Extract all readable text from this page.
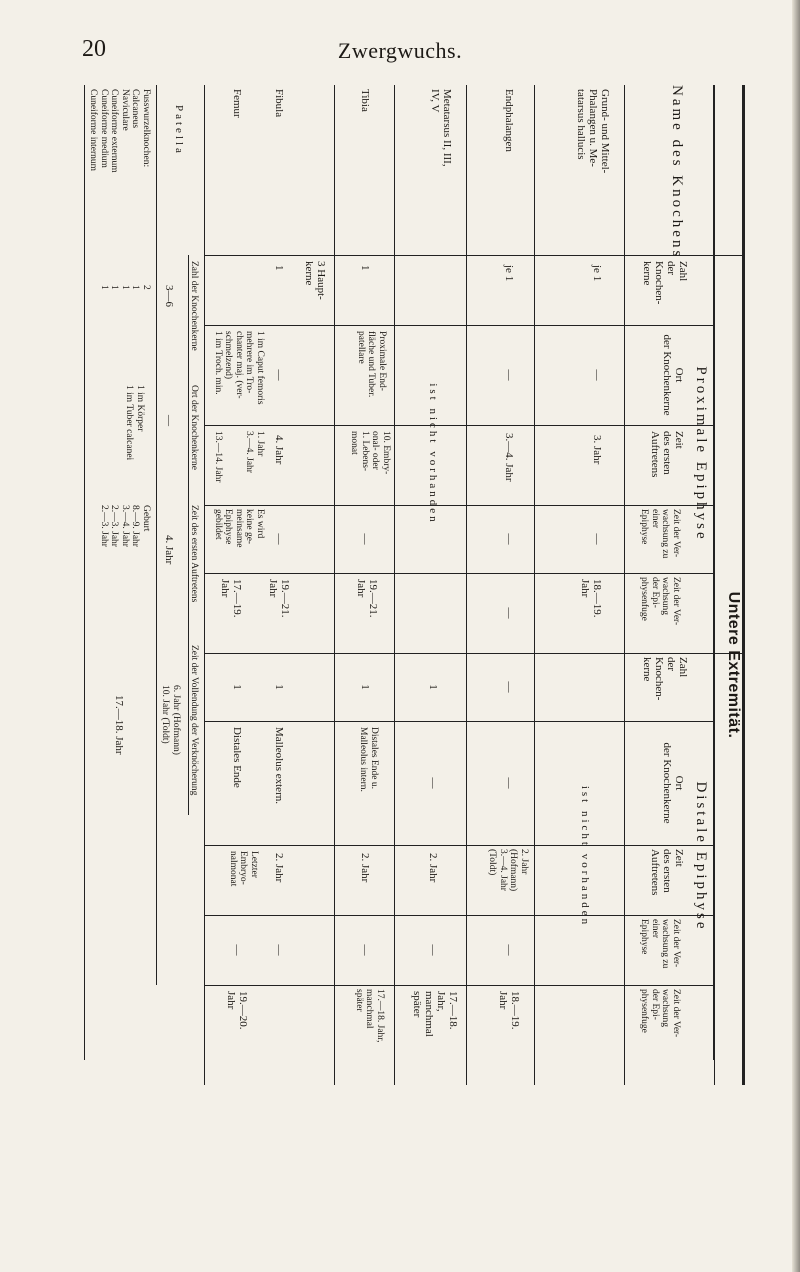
20	Zwergwuchs.
Untere Extremität.
Name des Knochens
Proximale Epiphyse
Distale Epiphyse
Zahl
der
Knochen-
kerne
Ort
der Knochenkerne
Zeit
des ersten
Auftretens
Zeit der Ver-
wachsung zu
einer
Epiphyse
Zeit der Ver-
wachsung
der Epi-
physenfuge
Zahl
der
Knochen-
kerne
Ort
der Knochenkerne
Zeit
des ersten
Auftretens
Zeit der Ver-
wachsung zu
einer
Epiphyse
Zeit der Ver-
wachsung
der Epi-
physenfuge
Grund- und Mittel-
Phalangen u. Me-
tatarsus hallucis
je 1
—
3. Jahr
—
18.—19.
Jahr
ist nicht vorhanden
Endphalangen
je 1
—
3.—4. Jahr
—
—
—
—
2. Jahr
(Hofmann)
3.—4. Jahr
(Toldt)
—
18.—19.
Jahr
Metatarsus II, III,
IV, V
ist nicht vorhanden
1
—
2. Jahr
—
17.—18.
Jahr,
manchmal
später
Tibia
1
Proximale End-
fläche und Tuber.
patellare
10. Embry-
onal- oder
1. Lebens-
monat
—
19.—21.
Jahr
1
Distales Ende u.
Malleolus intern.
2. Jahr
—
17.—18. Jahr,
manchmal
später
Fibula
1
—
4. Jahr
—
19.—21.
Jahr
1
Malleolus extern.
2. Jahr
—
Femur
3 Haupt-
kerne
1 im Caput femoris
mehrere im Tro-
chanter maj. (ver-
schmelzend)
1 im Troch. min.
1. Jahr
3.—4. Jahr

13.—14. Jahr
Es wird
keine ge-
meinsame
Epiphyse
gebildet
17.—19.
Jahr
1
Distales Ende
Letzter
Embryo-
nalmonat
—
19.—20.
Jahr
Patella
Zahl der Knochenkerne
Ort der Knochenkerne
Zeit des ersten Auftretens
Zeit der Vollendung der Verknöcherung
3—6
—
4. Jahr
6. Jahr (Hofmann)
10. Jahr (Toldt)
Fusswurzelknochen:
Calcaneus
Naviculare
Cuneiforme externum
Cuneiforme medium
Cuneiforme internum
2
1
1
1
1
1 im Körper
1 im Tuber calcanei
Geburt
8.—9. Jahr
3.—4. Jahr
2.—3. Jahr
2.—3. Jahr
17.—18. Jahr
